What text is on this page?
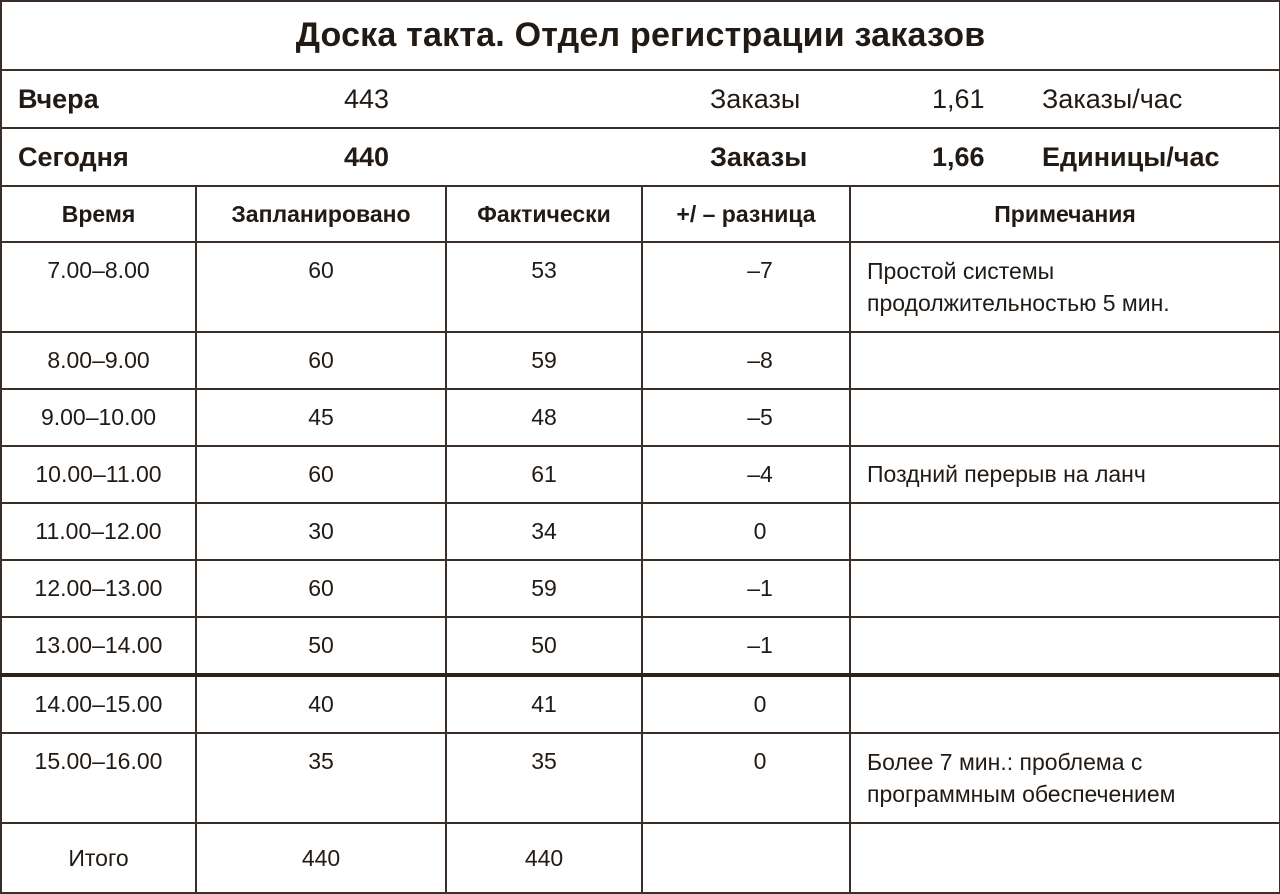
Доска такта. Отдел регистрации заказов				
Вчера	443		Заказы	1,61 Заказы/час
Сегодня	440		Заказы	1,66 Единицы/час
Время	Запланировано	Фактически	+/ – разница	Примечания
7.00–8.00	60	53	–7	Простой системы продолжительностью 5 мин.
8.00–9.00	60	59	–8	
9.00–10.00	45	48	–5	
10.00–11.00	60	61	–4	Поздний перерыв на ланч
11.00–12.00	30	34	0	
12.00–13.00	60	59	–1	
13.00–14.00	50	50	–1	
14.00–15.00	40	41	0	
15.00–16.00	35	35	0	Более 7 мин.: проблема с программным обеспечением
Итого	440	440		
